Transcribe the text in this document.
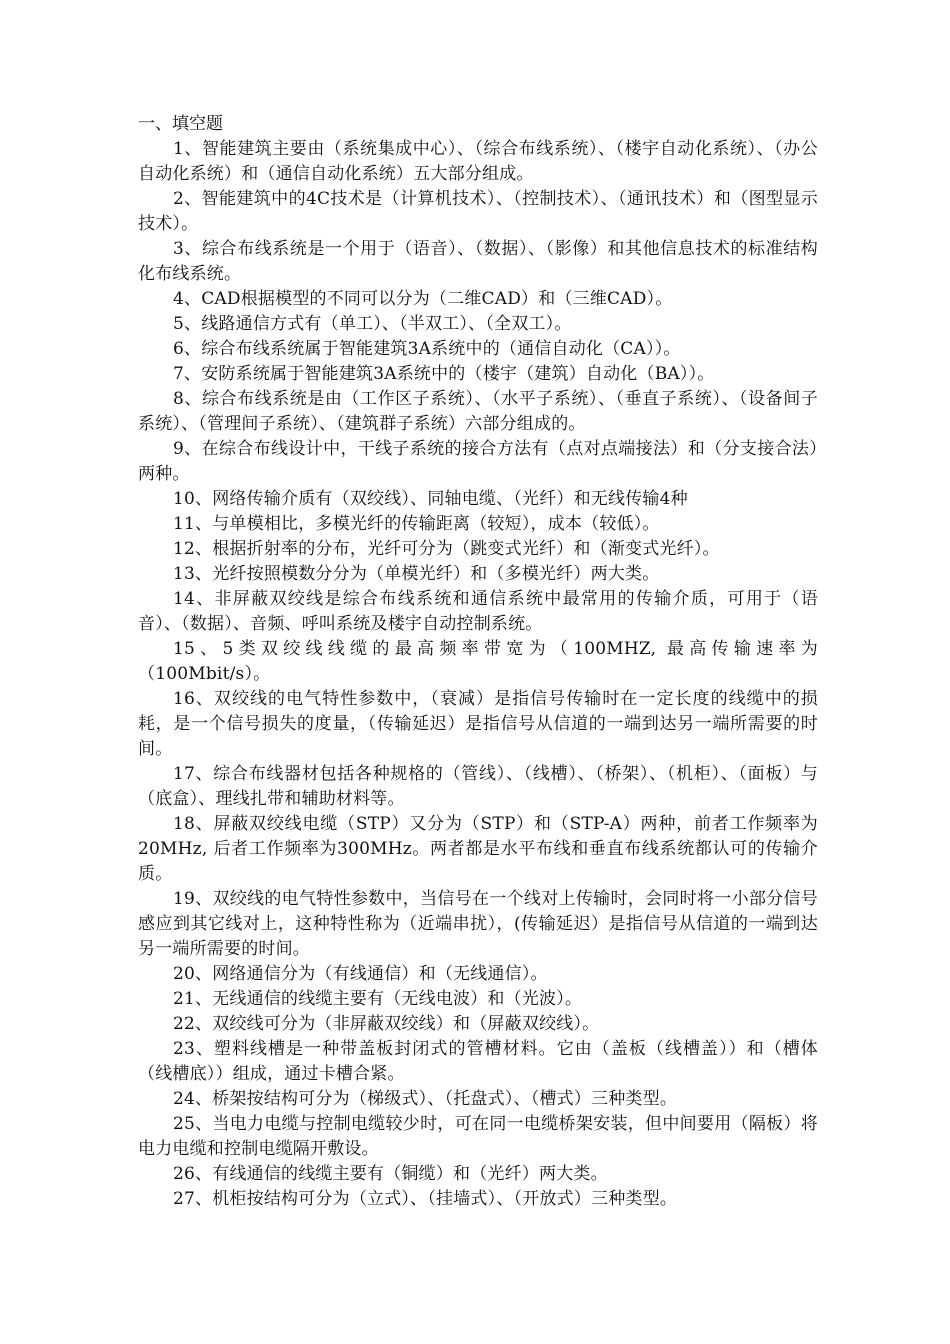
一、填空题

1、智能建筑主要由（系统集成中心）、（综合布线系统）、（楼宇自动化系统）、（办公自动化系统）和（通信自动化系统）五大部分组成。

2、智能建筑中的4C技术是（计算机技术）、（控制技术）、（通讯技术）和（图型显示技术）。

3、综合布线系统是一个用于（语音）、（数据）、（影像）和其他信息技术的标准结构化布线系统。

4、CAD根据模型的不同可以分为（二维CAD）和（三维CAD）。

5、线路通信方式有（单工）、（半双工）、（全双工）。

6、综合布线系统属于智能建筑3A系统中的（通信自动化（CA））。

7、安防系统属于智能建筑3A系统中的（楼宇（建筑）自动化（BA））。

8、综合布线系统是由（工作区子系统）、（水平子系统）、（垂直子系统）、（设备间子系统）、（管理间子系统）、（建筑群子系统）六部分组成的。

9、在综合布线设计中，干线子系统的接合方法有（点对点端接法）和（分支接合法）两种。

10、网络传输介质有（双绞线）、同轴电缆、（光纤）和无线传输4种

11、与单模相比，多模光纤的传输距离（较短），成本（较低）。

12、根据折射率的分布，光纤可分为（跳变式光纤）和（渐变式光纤）。

13、光纤按照模数分分为（单模光纤）和（多模光纤）两大类。

14、非屏蔽双绞线是综合布线系统和通信系统中最常用的传输介质，可用于（语音）、（数据）、音频、呼叫系统及楼宇自动控制系统。

15、5类双绞线线缆的最高频率带宽为（100MHZ, 最高传输速率为（100Mbit/s）。

16、双绞线的电气特性参数中，（衰减）是指信号传输时在一定长度的线缆中的损耗，是一个信号损失的度量，（传输延迟）是指信号从信道的一端到达另一端所需要的时间。

17、综合布线器材包括各种规格的（管线）、（线槽）、（桥架）、（机柜）、（面板）与（底盒）、理线扎带和辅助材料等。

18、屏蔽双绞线电缆（STP）又分为（STP）和（STP-A）两种，前者工作频率为20MHz, 后者工作频率为300MHz。两者都是水平布线和垂直布线系统都认可的传输介质。

19、双绞线的电气特性参数中，当信号在一个线对上传输时，会同时将一小部分信号感应到其它线对上，这种特性称为（近端串扰），(传输延迟）是指信号从信道的一端到达另一端所需要的时间。

20、网络通信分为（有线通信）和（无线通信）。

21、无线通信的线缆主要有（无线电波）和（光波）。

22、双绞线可分为（非屏蔽双绞线）和（屏蔽双绞线）。

23、塑料线槽是一种带盖板封闭式的管槽材料。它由（盖板（线槽盖））和（槽体（线槽底））组成，通过卡槽合紧。

24、桥架按结构可分为（梯级式）、（托盘式）、（槽式）三种类型。

25、当电力电缆与控制电缆较少时，可在同一电缆桥架安装，但中间要用（隔板）将电力电缆和控制电缆隔开敷设。

26、有线通信的线缆主要有（铜缆）和（光纤）两大类。

27、机柜按结构可分为（立式）、（挂墙式）、（开放式）三种类型。
